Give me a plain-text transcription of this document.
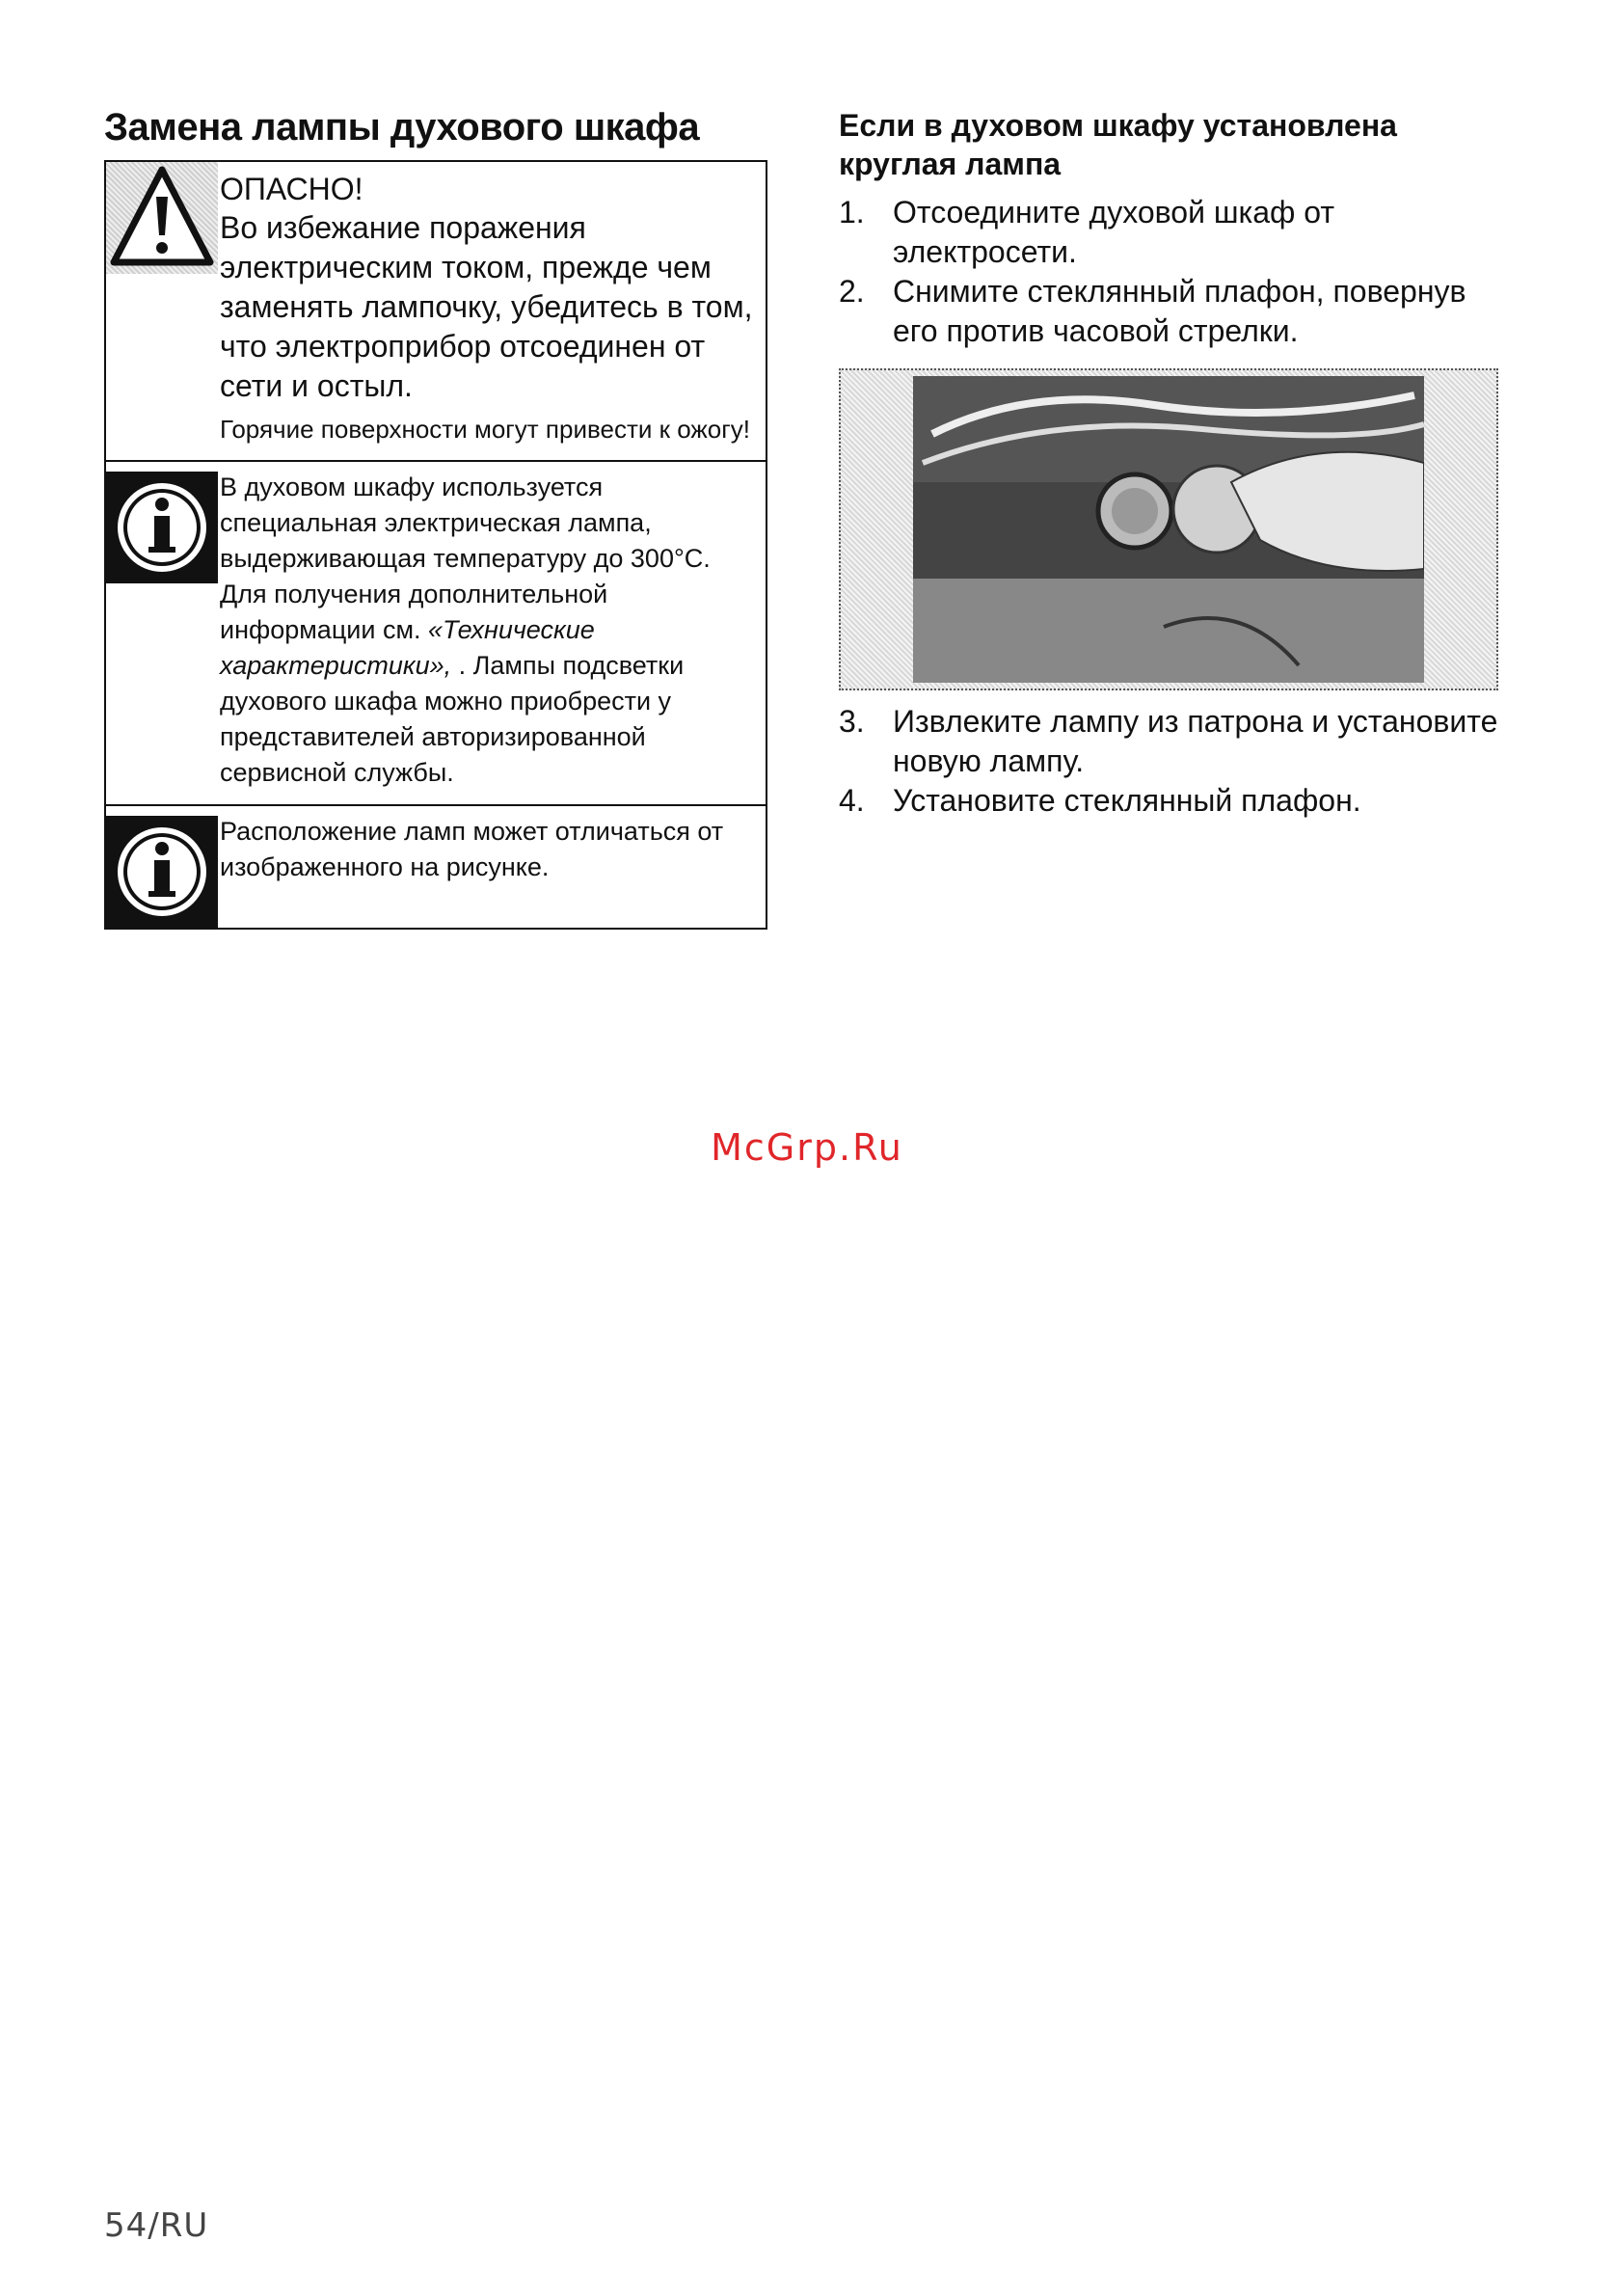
Замена лампы духового шкафа
ОПАСНО!
Во избежание поражения электрическим током, прежде чем заменять лампочку, убедитесь в том, что электроприбор отсоединен от сети и остыл.
Горячие поверхности могут привести к ожогу!
В духовом шкафу используется специальная электрическая лампа, выдерживающая температуру до 300°C. Для получения дополнительной информации см. «Технические характеристики», . Лампы подсветки духового шкафа можно приобрести у представителей авторизированной сервисной службы.
Расположение ламп может отличаться от изображенного на рисунке.
Если в духовом шкафу установлена круглая лампа
1. Отсоедините духовой шкаф от электросети.
2. Снимите стеклянный плафон, повернув его против часовой стрелки.
3. Извлеките лампу из патрона и установите новую лампу.
4. Установите стеклянный плафон.
McGrp.Ru
54/RU
